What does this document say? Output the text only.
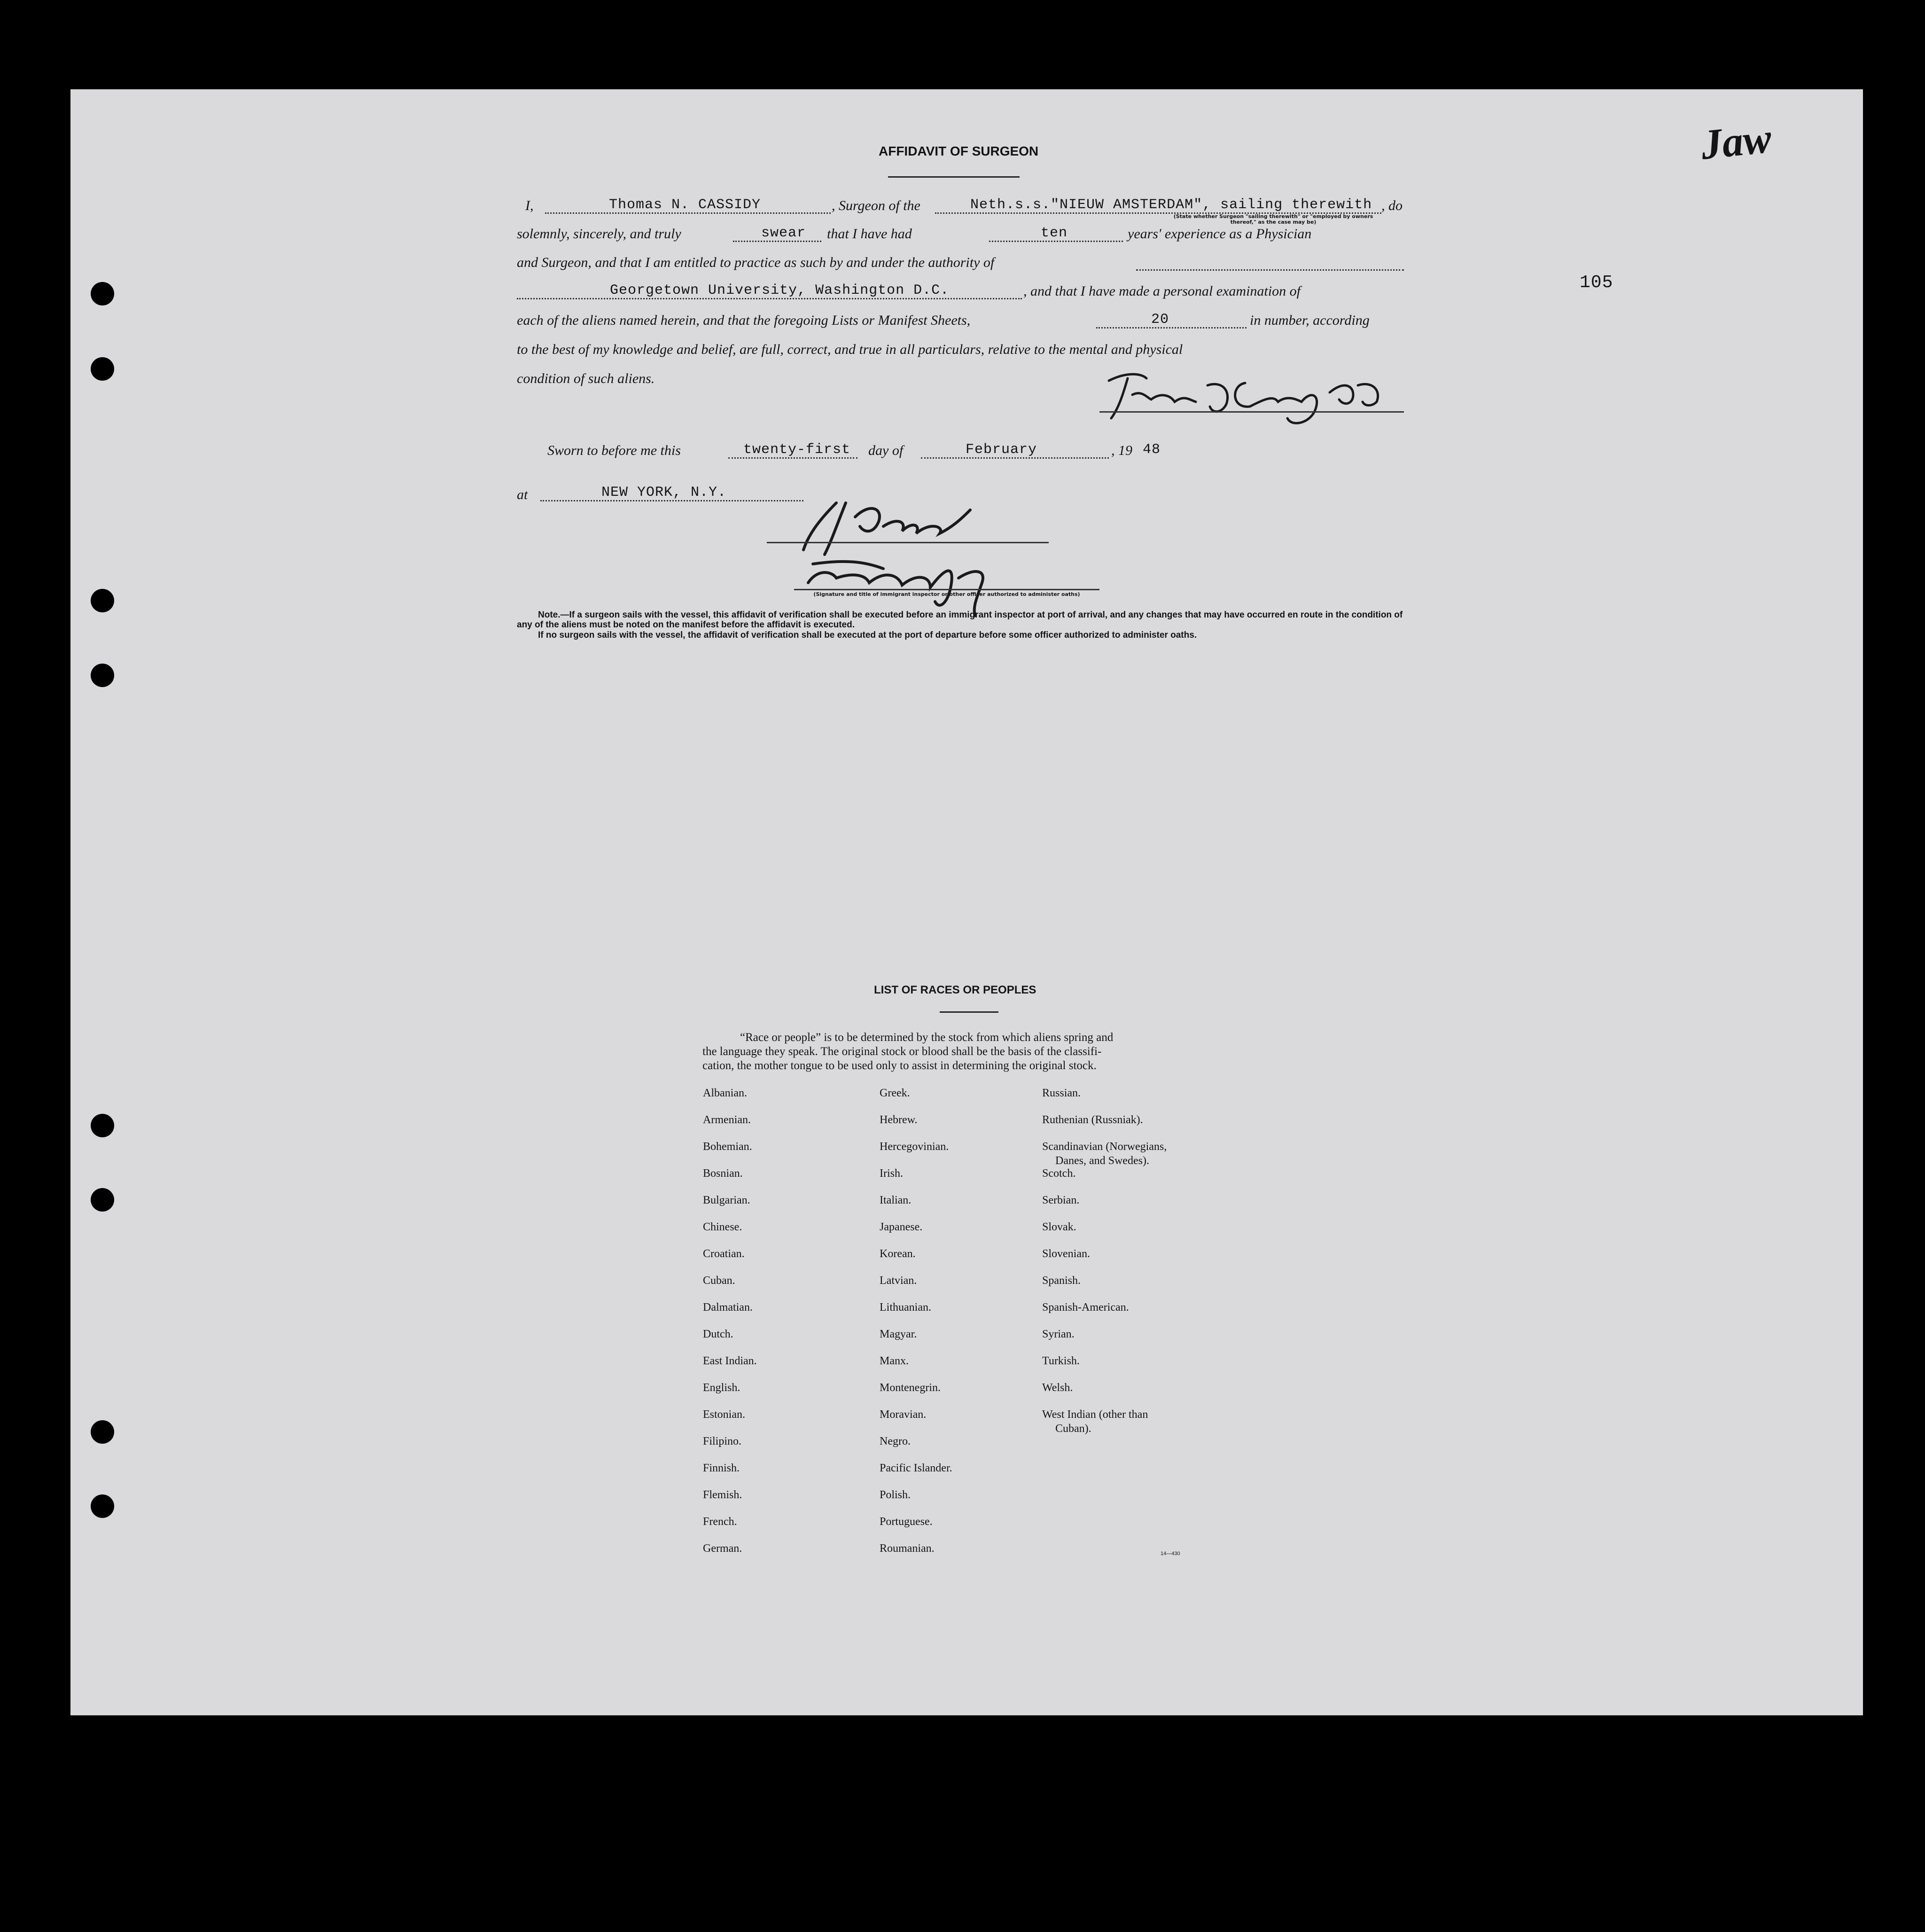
105
Jaw
AFFIDAVIT OF SURGEON
I,	Thomas N. CASSIDY	, Surgeon of the	Neth.s.s."NIEUW AMSTERDAM", sailing therewith , do
(State whether Surgeon "sailing therewith" or "employed by owners thereof," as the case may be)
solemnly, sincerely, and truly	swear that I have had	ten	years' experience as a Physician
and Surgeon, and that I am entitled to practice as such by and under the authority of
Georgetown University, Washington D.C.	, and that I have made a personal examination of
each of the aliens named herein, and that the foregoing Lists or Manifest Sheets,	20	in number, according
to the best of my knowledge and belief, are full, correct, and true in all particulars, relative to the mental and physical
condition of such aliens.
Sworn to before me this	twenty-first day of	February	, 19 48
at	NEW YORK, N.Y.
(Signature and title of immigrant inspector or other officer authorized to administer oaths)
Note.—If a surgeon sails with the vessel, this affidavit of verification shall be executed before an immigrant inspector at port of arrival, and any changes that may have occurred en route in the condition of any of the aliens must be noted on the manifest before the affidavit is executed.
If no surgeon sails with the vessel, the affidavit of verification shall be executed at the port of departure before some officer authorized to administer oaths.
LIST OF RACES OR PEOPLES
“Race or people” is to be determined by the stock from which aliens spring and
the language they speak. The original stock or blood shall be the basis of the classifi-
cation, the mother tongue to be used only to assist in determining the original stock.
Albanian.
Armenian.
Bohemian.
Bosnian.
Bulgarian.
Chinese.
Croatian.
Cuban.
Dalmatian.
Dutch.
East Indian.
English.
Estonian.
Filipino.
Finnish.
Flemish.
French.
German.
Greek.
Hebrew.
Hercegovinian.
Irish.
Italian.
Japanese.
Korean.
Latvian.
Lithuanian.
Magyar.
Manx.
Montenegrin.
Moravian.
Negro.
Pacific Islander.
Polish.
Portuguese.
Roumanian.
Russian.
Ruthenian (Russniak).
Scandinavian (Norwegians,
Danes, and Swedes).
Scotch.
Serbian.
Slovak.
Slovenian.
Spanish.
Spanish-American.
Syrian.
Turkish.
Welsh.
West Indian (other than
Cuban).
14—430
